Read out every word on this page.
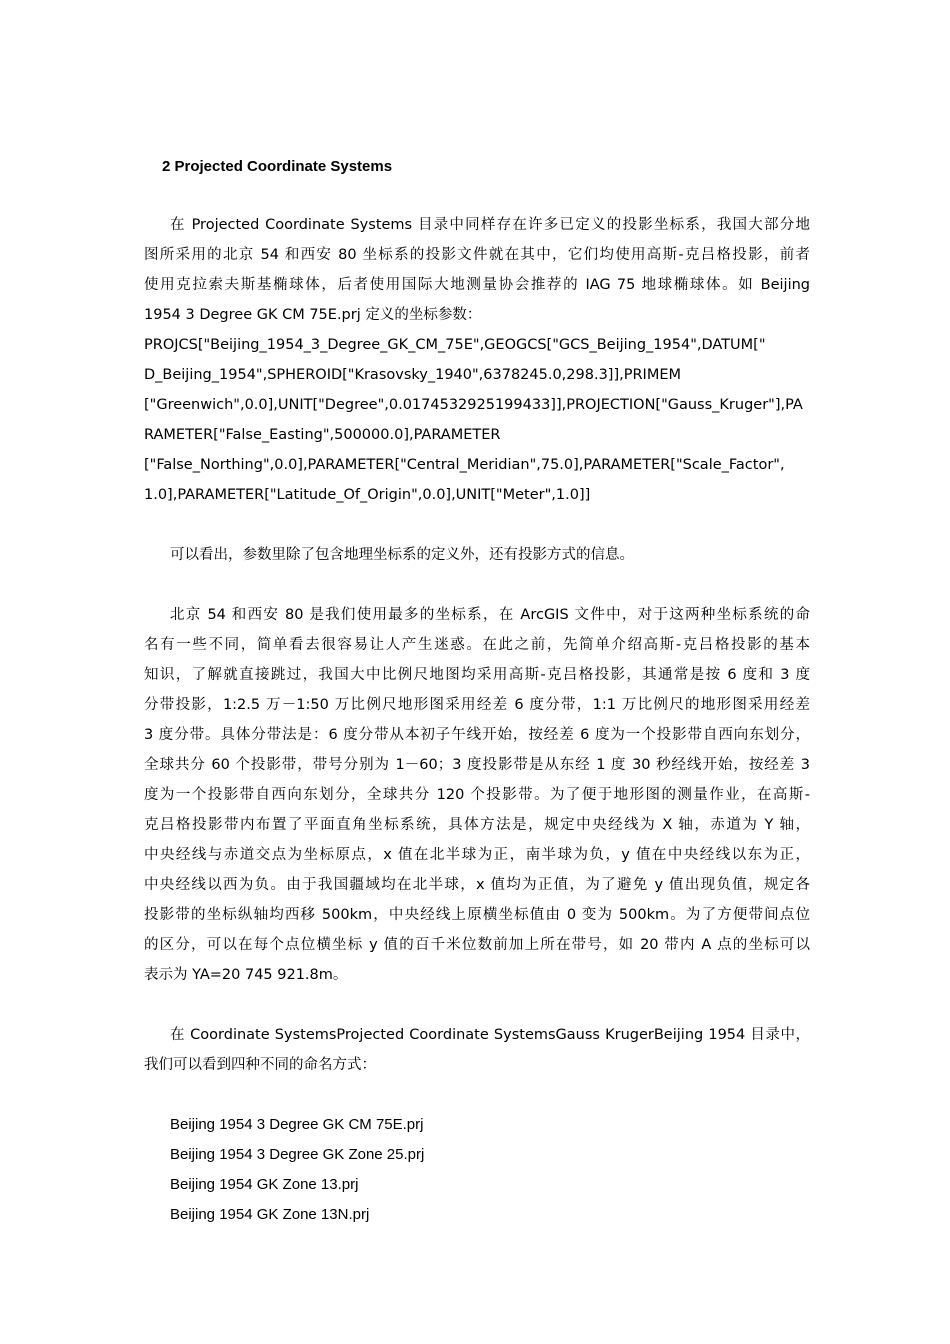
2 Projected Coordinate Systems
在 Projected Coordinate Systems 目录中同样存在许多已定义的投影坐标系，我国大部分地
图所采用的北京 54 和西安 80 坐标系的投影文件就在其中，它们均使用高斯-克吕格投影，前者
使用克拉索夫斯基椭球体，后者使用国际大地测量协会推荐的 IAG 75 地球椭球体。如 Beijing
1954 3 Degree GK CM 75E.prj 定义的坐标参数：
PROJCS["Beijing_1954_3_Degree_GK_CM_75E",GEOGCS["GCS_Beijing_1954",DATUM["
D_Beijing_1954",SPHEROID["Krasovsky_1940",6378245.0,298.3]],PRIMEM
["Greenwich",0.0],UNIT["Degree",0.0174532925199433]],PROJECTION["Gauss_Kruger"],PA
RAMETER["False_Easting",500000.0],PARAMETER
["False_Northing",0.0],PARAMETER["Central_Meridian",75.0],PARAMETER["Scale_Factor",
1.0],PARAMETER["Latitude_Of_Origin",0.0],UNIT["Meter",1.0]]
可以看出，参数里除了包含地理坐标系的定义外，还有投影方式的信息。
北京 54 和西安 80 是我们使用最多的坐标系，在 ArcGIS 文件中，对于这两种坐标系统的命
名有一些不同，简单看去很容易让人产生迷惑。在此之前，先简单介绍高斯-克吕格投影的基本
知识，了解就直接跳过，我国大中比例尺地图均采用高斯-克吕格投影，其通常是按 6 度和 3 度
分带投影，1:2.5 万－1:50 万比例尺地形图采用经差 6 度分带，1:1 万比例尺的地形图采用经差
3 度分带。具体分带法是：6 度分带从本初子午线开始，按经差 6 度为一个投影带自西向东划分，
全球共分 60 个投影带，带号分别为 1－60；3 度投影带是从东经 1 度 30 秒经线开始，按经差 3
度为一个投影带自西向东划分，全球共分 120 个投影带。为了便于地形图的测量作业，在高斯-
克吕格投影带内布置了平面直角坐标系统，具体方法是，规定中央经线为 X 轴，赤道为 Y 轴，
中央经线与赤道交点为坐标原点，x 值在北半球为正，南半球为负，y 值在中央经线以东为正，
中央经线以西为负。由于我国疆域均在北半球，x 值均为正值，为了避免 y 值出现负值，规定各
投影带的坐标纵轴均西移 500km，中央经线上原横坐标值由 0 变为 500km。为了方便带间点位
的区分，可以在每个点位横坐标 y 值的百千米位数前加上所在带号，如 20 带内 A 点的坐标可以
表示为 YA=20 745 921.8m。
在 Coordinate SystemsProjected Coordinate SystemsGauss KrugerBeijing 1954 目录中，
我们可以看到四种不同的命名方式：
Beijing 1954 3 Degree GK CM 75E.prj
Beijing 1954 3 Degree GK Zone 25.prj
Beijing 1954 GK Zone 13.prj
Beijing 1954 GK Zone 13N.prj
